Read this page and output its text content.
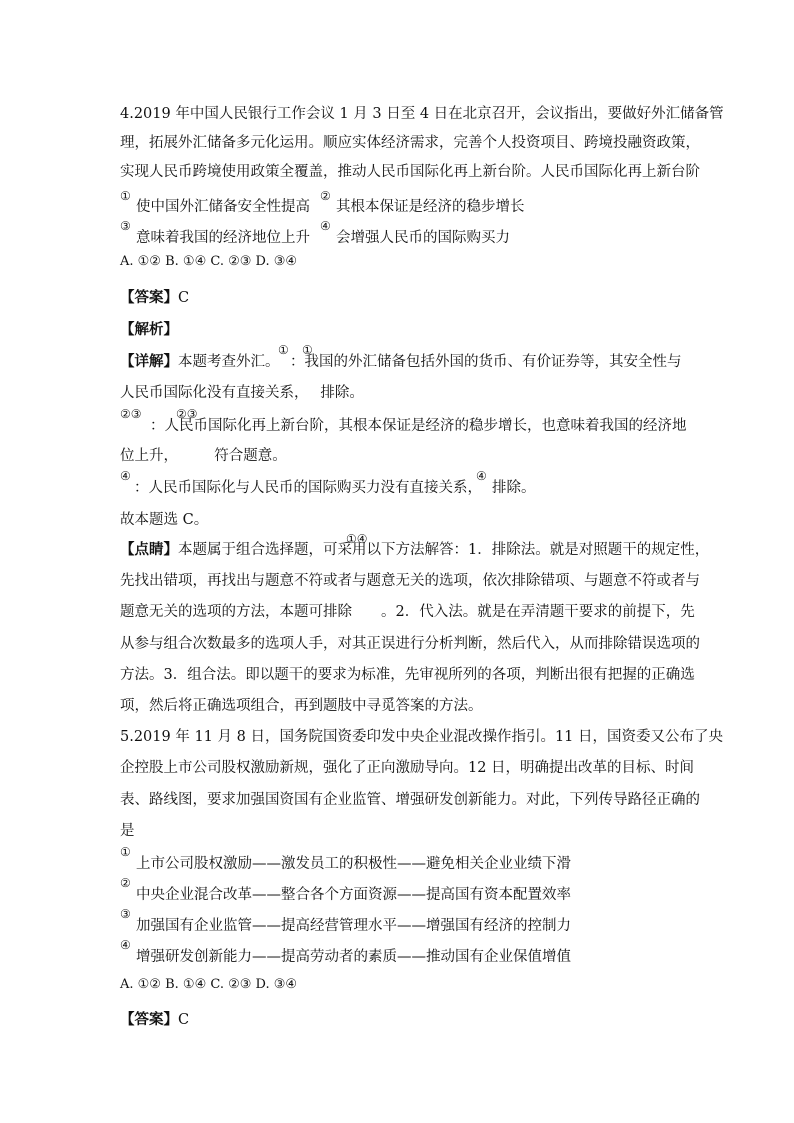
4.2019 年中国人民银行工作会议 1 月 3 日至 4 日在北京召开，会议指出，要做好外汇储备管
理，拓展外汇储备多元化运用。顺应实体经济需求，完善个人投资项目、跨境投融资政策，
实现人民币跨境使用政策全覆盖，推动人民币国际化再上新台阶。人民币国际化再上新台阶
①
使中国外汇储备安全性提高
②
其根本保证是经济的稳步增长
③
意味着我国的经济地位上升
④
会增强人民币的国际购买力
A. ①② B. ①④ C. ②③ D. ③④
【答案】C
【解析】
【详解】本题考查外汇。
①
：我国的外汇储备包括外国的货币、有价证券等，其安全性与
①
人民币国际化没有直接关系，　 排除。
②③	②③
：人民币国际化再上新台阶，其根本保证是经济的稳步增长，也意味着我国的经济地
位上升，　　　符合题意。
④
：人民币国际化与人民币的国际购买力没有直接关系，
④
排除。
故本题选 C。
【点睛】本题属于组合选择题，可采用以下方法解答：1．排除法。就是对照题干的规定性，
①④
先找出错项，再找出与题意不符或者与题意无关的选项，依次排除错项、与题意不符或者与
题意无关的选项的方法，本题可排除　　。2．代入法。就是在弄清题干要求的前提下，先
从参与组合次数最多的选项人手，对其正误进行分析判断，然后代入，从而排除错误选项的
方法。3．组合法。即以题干的要求为标准，先审视所列的各项，判断出很有把握的正确选
项，然后将正确选项组合，再到题肢中寻觅答案的方法。
5.2019 年 11 月 8 日，国务院国资委印发中央企业混改操作指引。11 日，国资委又公布了央
企控股上市公司股权激励新规，强化了正向激励导向。12 日，明确提出改革的目标、时间
表、路线图，要求加强国资国有企业监管、增强研发创新能力。对此，下列传导路径正确的
是
①
上市公司股权激励——激发员工的积极性——避免相关企业业绩下滑
②
中央企业混合改革——整合各个方面资源——提高国有资本配置效率
③
加强国有企业监管——提高经营管理水平——增强国有经济的控制力
④
增强研发创新能力——提高劳动者的素质——推动国有企业保值增值
A. ①② B. ①④ C. ②③ D. ③④
【答案】C
